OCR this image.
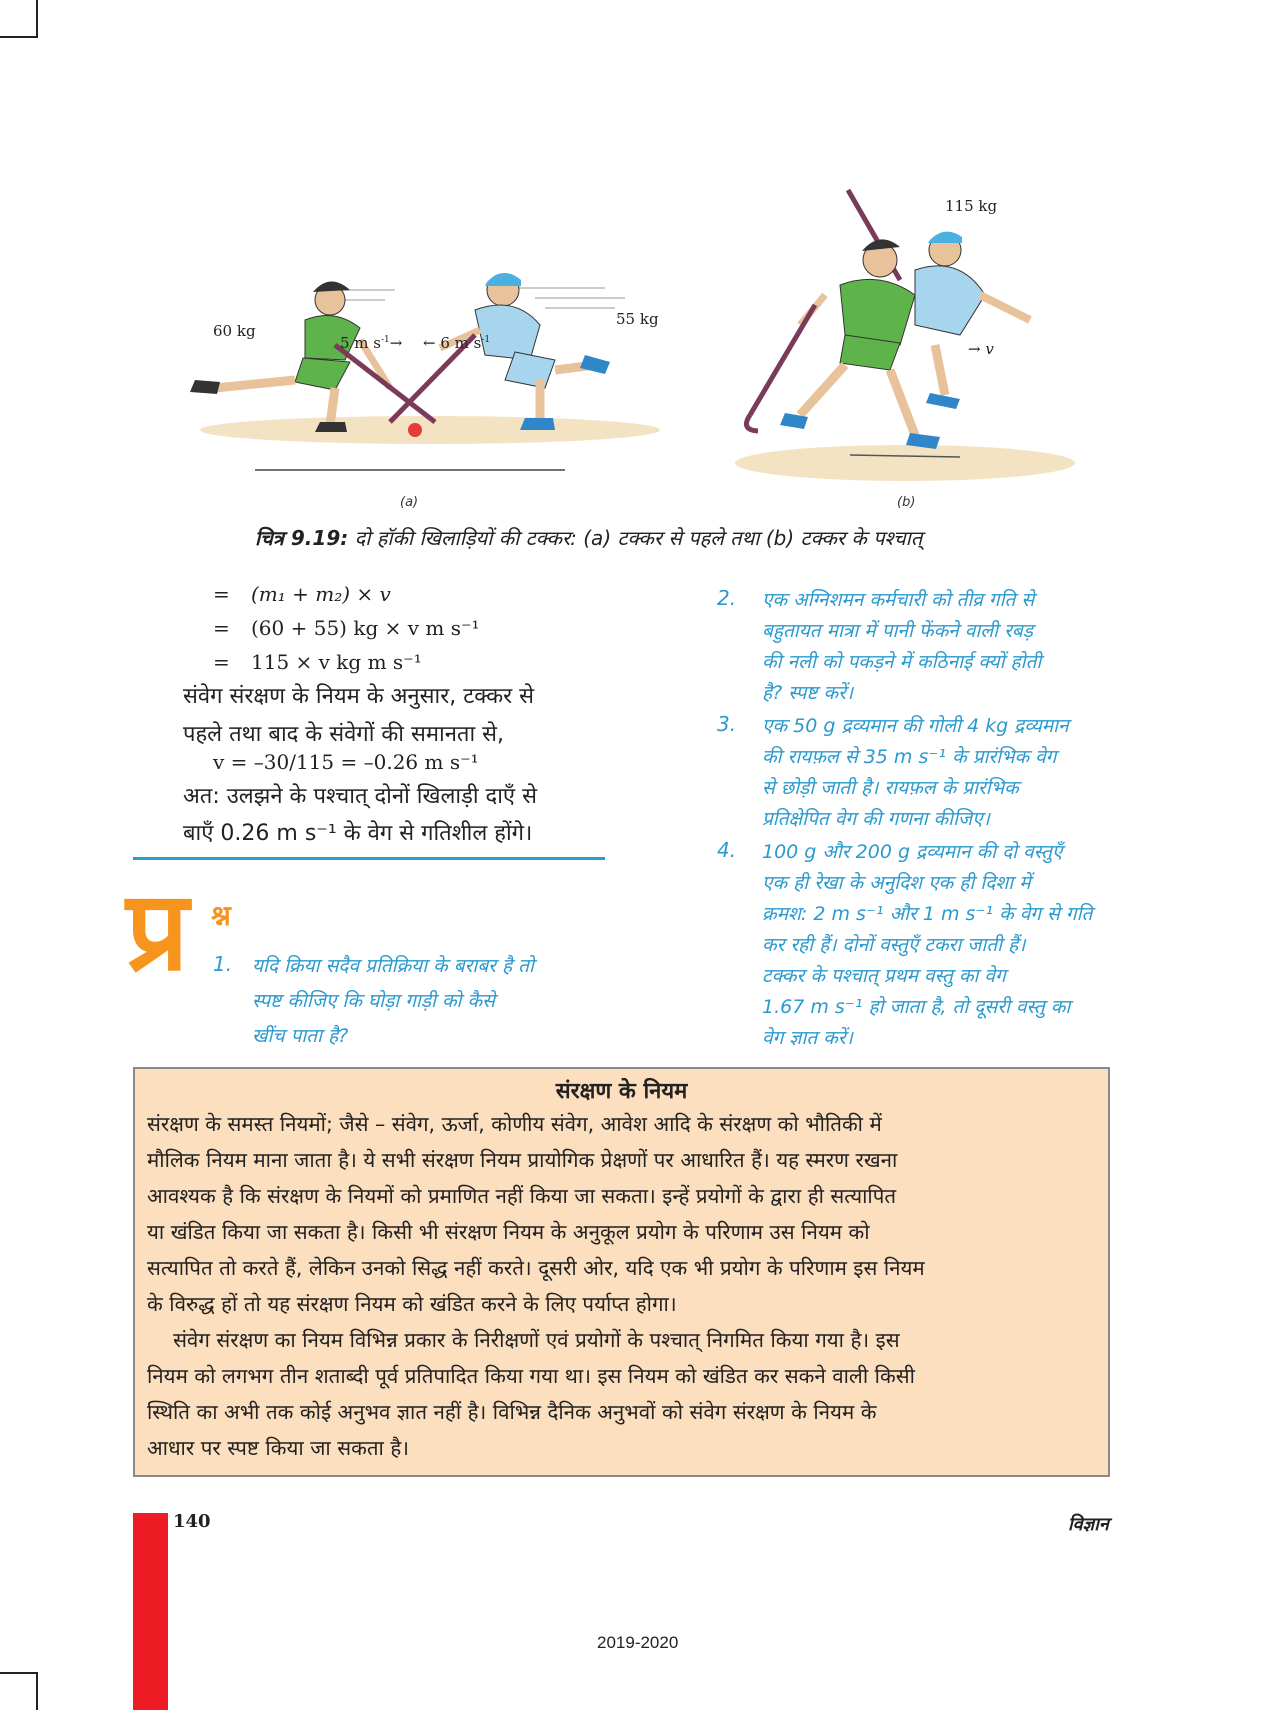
60 kg
55 kg
5 m $s^{-1}\to$ ← 6 m $s^{-1}$
(a)
115 kg
→ v
(b)
चित्र 9.19: दो हॉकी खिलाड़ियों की टक्कर: (a) टक्कर से पहले तथा (b) टक्कर के पश्चात्
= (m₁ + m₂) × v
= (60 + 55) kg × v m s⁻¹
= 115 × v kg m s⁻¹
संवेग संरक्षण के नियम के अनुसार, टक्कर से
पहले तथा बाद के संवेगों की समानता से,
v = –30/115 = –0.26 m s⁻¹
अत: उलझने के पश्चात् दोनों खिलाड़ी दाएँ से
बाएँ 0.26 m s⁻¹ के वेग से गतिशील होंगे।
प्र श्न
1. यदि क्रिया सदैव प्रतिक्रिया के बराबर है तो
स्पष्ट कीजिए कि घोड़ा गाड़ी को कैसे
खींच पाता है?
2. एक अग्निशमन कर्मचारी को तीव्र गति से
बहुतायत मात्रा में पानी फेंकने वाली रबड़
की नली को पकड़ने में कठिनाई क्यों होती
है? स्पष्ट करें।
3. एक 50 g द्रव्यमान की गोली 4 kg द्रव्यमान
की रायफ़ल से 35 m s⁻¹ के प्रारंभिक वेग
से छोड़ी जाती है। रायफ़ल के प्रारंभिक
प्रतिक्षेपित वेग की गणना कीजिए।
4. 100 g और 200 g द्रव्यमान की दो वस्तुएँ
एक ही रेखा के अनुदिश एक ही दिशा में
क्रमश: 2 m s⁻¹ और 1 m s⁻¹ के वेग से गति
कर रही हैं। दोनों वस्तुएँ टकरा जाती हैं।
टक्कर के पश्चात् प्रथम वस्तु का वेग
1.67 m s⁻¹ हो जाता है, तो दूसरी वस्तु का
वेग ज्ञात करें।
संरक्षण के नियम
संरक्षण के समस्त नियमों; जैसे – संवेग, ऊर्जा, कोणीय संवेग, आवेश आदि के संरक्षण को भौतिकी में
मौलिक नियम माना जाता है। ये सभी संरक्षण नियम प्रायोगिक प्रेक्षणों पर आधारित हैं। यह स्मरण रखना
आवश्यक है कि संरक्षण के नियमों को प्रमाणित नहीं किया जा सकता। इन्हें प्रयोगों के द्वारा ही सत्यापित
या खंडित किया जा सकता है। किसी भी संरक्षण नियम के अनुकूल प्रयोग के परिणाम उस नियम को
सत्यापित तो करते हैं, लेकिन उनको सिद्ध नहीं करते। दूसरी ओर, यदि एक भी प्रयोग के परिणाम इस नियम
के विरुद्ध हों तो यह संरक्षण नियम को खंडित करने के लिए पर्याप्त होगा।
संवेग संरक्षण का नियम विभिन्न प्रकार के निरीक्षणों एवं प्रयोगों के पश्चात् निगमित किया गया है। इस
नियम को लगभग तीन शताब्दी पूर्व प्रतिपादित किया गया था। इस नियम को खंडित कर सकने वाली किसी
स्थिति का अभी तक कोई अनुभव ज्ञात नहीं है। विभिन्न दैनिक अनुभवों को संवेग संरक्षण के नियम के
आधार पर स्पष्ट किया जा सकता है।
140	विज्ञान
2019-2020
